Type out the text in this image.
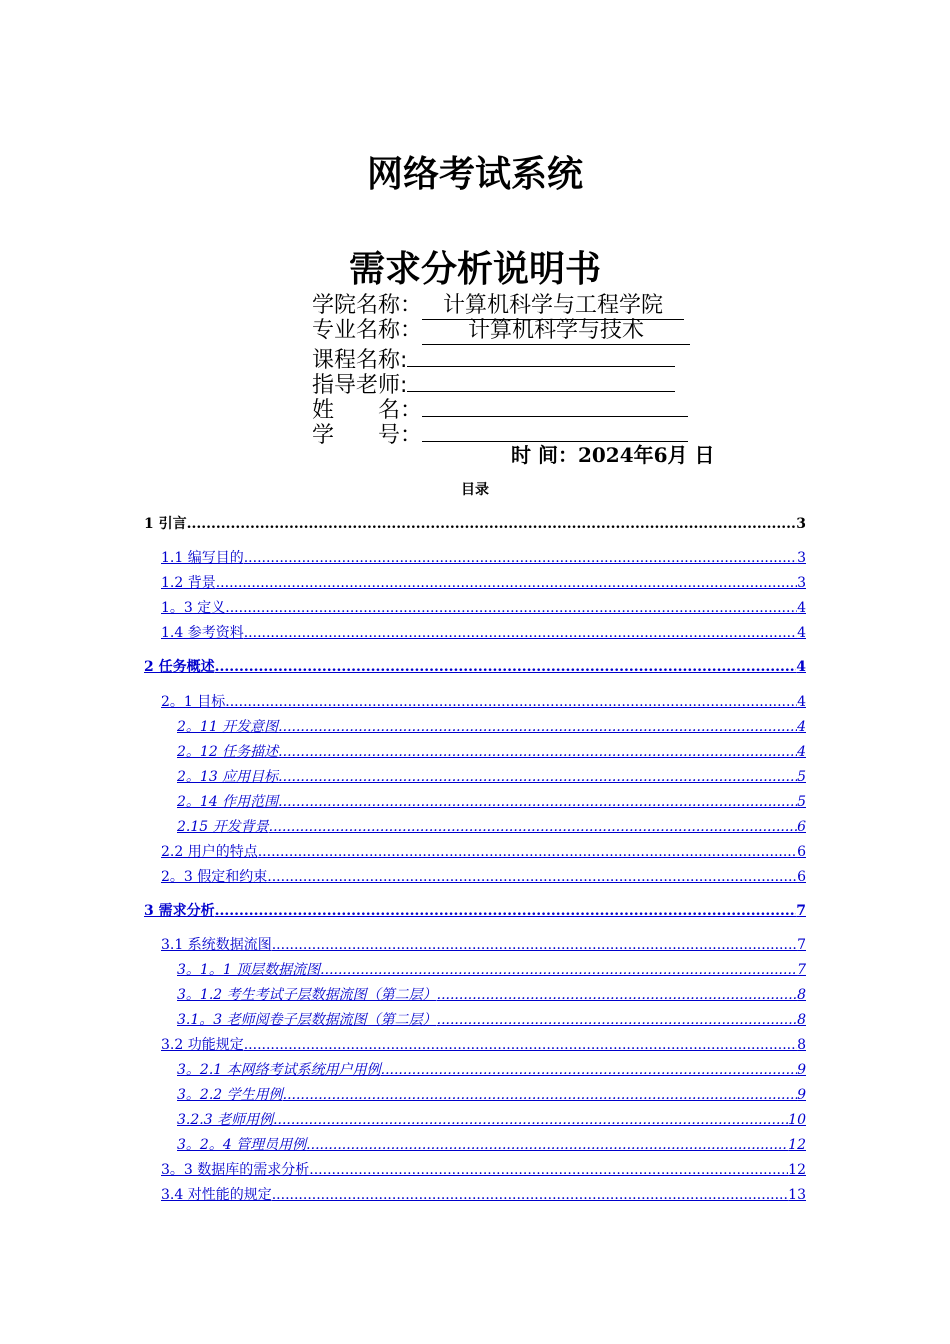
网络考试系统
需求分析说明书
学院名称： 计算机科学与工程学院
专业名称： 计算机科学与技术
课程名称:
指导老师:
姓　　名：
学　　号：
时 间：2024年6月 日
目录
1 引言 .....	3
1.1 编写目的 .....	3
1.2 背景 .....	3
1。3 定义 .....	4
1.4 参考资料 .....	4
2 任务概述 .....	4
2。1 目标 .....	4
2。11 开发意图 .....	4
2。12 任务描述 .....	4
2。13 应用目标 .....	5
2。14 作用范围 .....	5
2.15 开发背景 .....	6
2.2 用户的特点 .....	6
2。3 假定和约束 .....	6
3 需求分析 .....	7
3.1 系统数据流图 .....	7
3。1。1 顶层数据流图 .....	7
3。1.2 考生考试子层数据流图（第二层） .....	8
3.1。3 老师阅卷子层数据流图（第二层） .....	8
3.2 功能规定 .....	8
3。2.1 本网络考试系统用户用例 .....	9
3。2.2 学生用例 .....	9
3.2.3 老师用例 .....	10
3。2。4 管理员用例 .....	12
3。3 数据库的需求分析 .....	12
3.4 对性能的规定 .....	13
